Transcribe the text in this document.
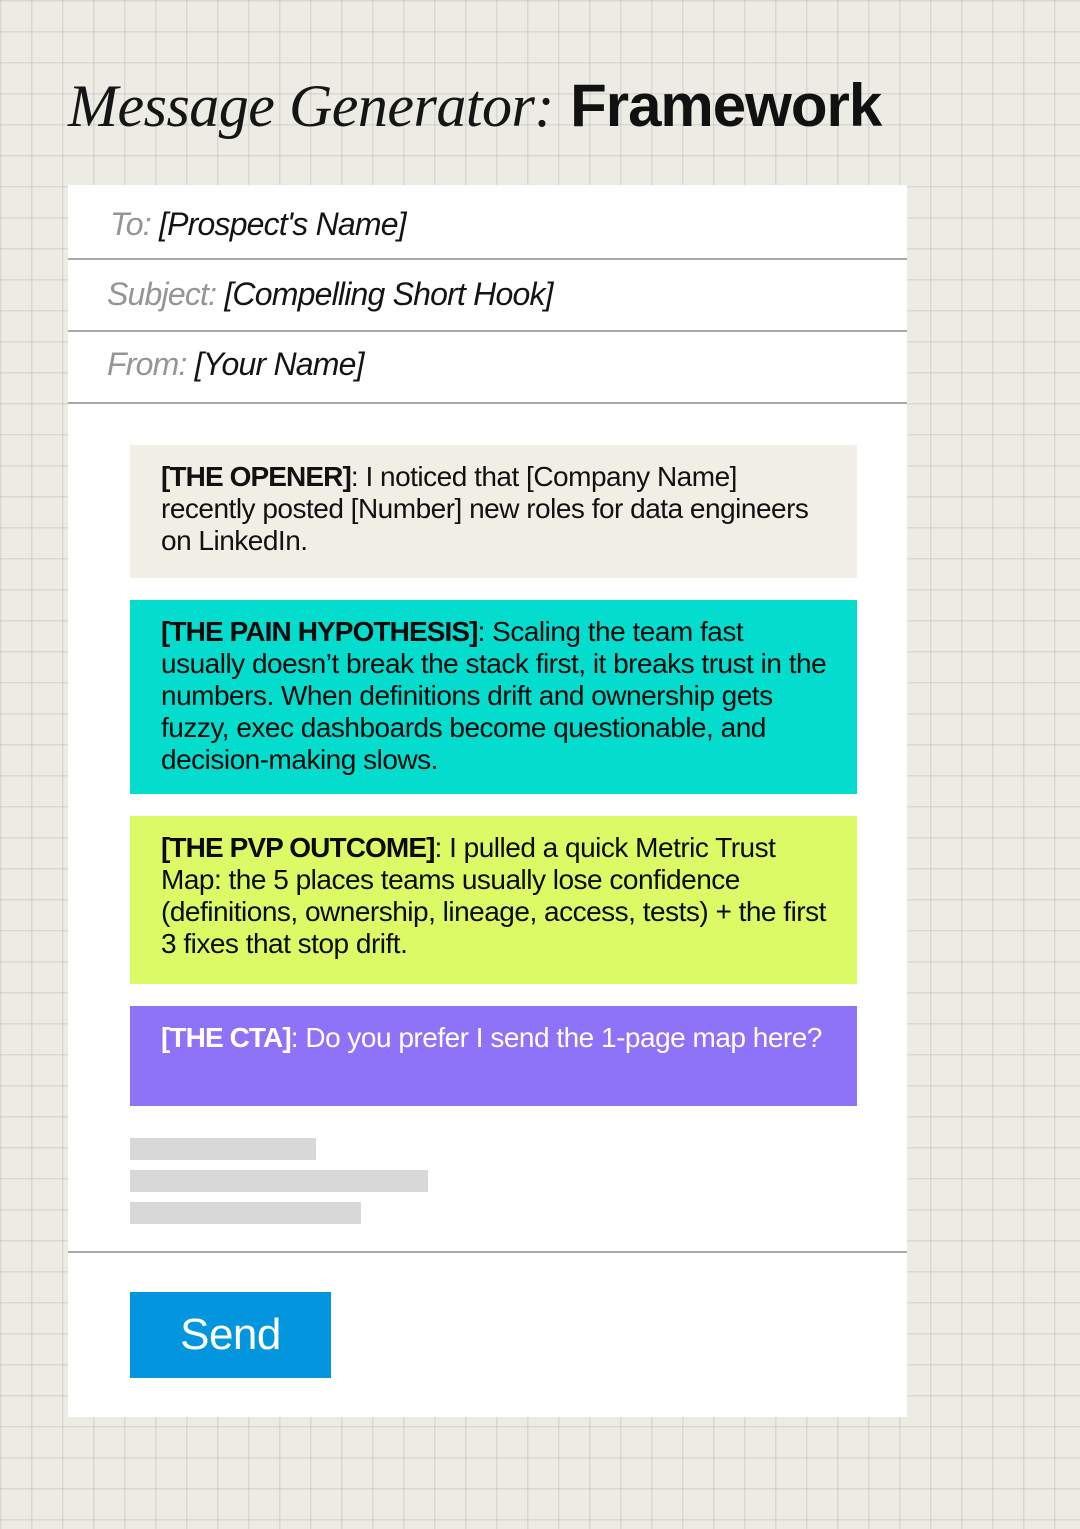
Message Generator: Framework
To: [Prospect's Name]
Subject: [Compelling Short Hook]
From: [Your Name]
[THE OPENER]: I noticed that [Company Name] recently posted [Number] new roles for data engineers on LinkedIn.
[THE PAIN HYPOTHESIS]: Scaling the team fast usually doesn’t break the stack first, it breaks trust in the numbers. When definitions drift and ownership gets fuzzy, exec dashboards become questionable, and decision-making slows.
[THE PVP OUTCOME]: I pulled a quick Metric Trust Map: the 5 places teams usually lose confidence (definitions, ownership, lineage, access, tests) + the first 3 fixes that stop drift.
[THE CTA]: Do you prefer I send the 1-page map here?
Send
